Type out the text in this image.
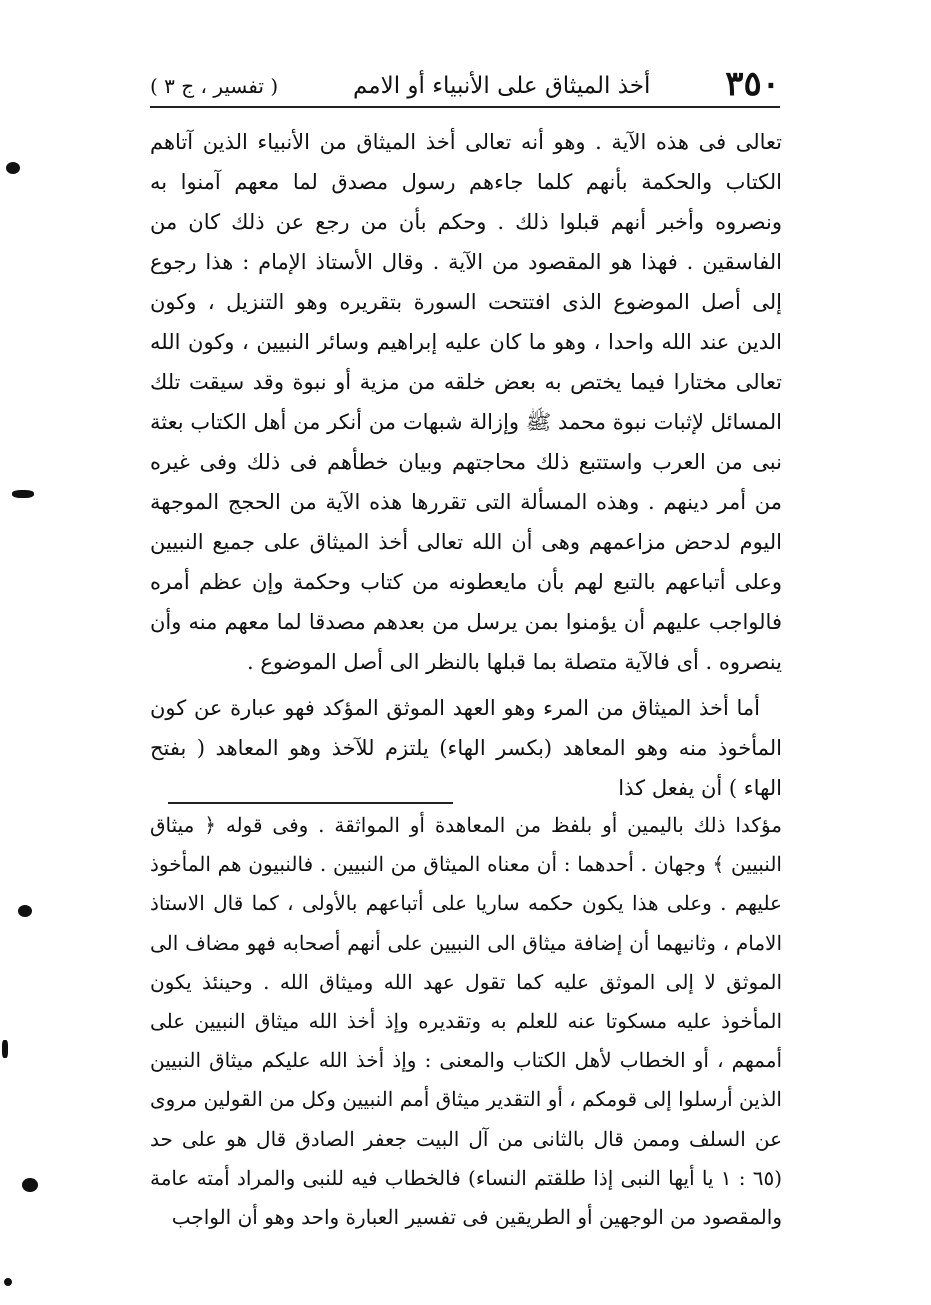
٣٥٠
أخذ الميثاق على الأنبياء أو الامم
( تفسير ، ج ٣ )

تعالى فى هذه الآية . وهو أنه تعالى أخذ الميثاق من الأنبياء الذين آتاهم الكتاب والحكمة بأنهم كلما جاءهم رسول مصدق لما معهم آمنوا به ونصروه وأخبر أنهم قبلوا ذلك . وحكم بأن من رجع عن ذلك كان من الفاسقين . فهذا هو المقصود من الآية . وقال الأستاذ الإمام : هذا رجوع إلى أصل الموضوع الذى افتتحت السورة بتقريره وهو التنزيل ، وكون الدين عند الله واحدا ، وهو ما كان عليه إبراهيم وسائر النبيين ، وكون الله تعالى مختارا فيما يختص به بعض خلقه من مزية أو نبوة وقد سيقت تلك المسائل لإثبات نبوة محمد ﷺ وإزالة شبهات من أنكر من أهل الكتاب بعثة نبى من العرب واستتبع ذلك محاجتهم وبيان خطأهم فى ذلك وفى غيره من أمر دينهم . وهذه المسألة التى تقررها هذه الآية من الحجج الموجهة اليوم لدحض مزاعمهم وهى أن الله تعالى أخذ الميثاق على جميع النبيين وعلى أتباعهم بالتبع لهم بأن مايعطونه من كتاب وحكمة وإن عظم أمره فالواجب عليهم أن يؤمنوا بمن يرسل من بعدهم مصدقا لما معهم منه وأن ينصروه . أى فالآية متصلة بما قبلها بالنظر الى أصل الموضوع .

أما أخذ الميثاق من المرء وهو العهد الموثق المؤكد فهو عبارة عن كون المأخوذ منه وهو المعاهد (بكسر الهاء) يلتزم للآخذ وهو المعاهد ( بفتح الهاء ) أن يفعل كذا

مؤكدا ذلك باليمين أو بلفظ من المعاهدة أو المواثقة . وفى قوله ﴿ ميثاق النبيين ﴾ وجهان . أحدهما : أن معناه الميثاق من النبيين . فالنبيون هم المأخوذ عليهم . وعلى هذا يكون حكمه ساريا على أتباعهم بالأولى ، كما قال الاستاذ الامام ، وثانيهما أن إضافة ميثاق الى النبيين على أنهم أصحابه فهو مضاف الى الموثق لا إلى الموثق عليه كما تقول عهد الله وميثاق الله . وحينئذ يكون المأخوذ عليه مسكوتا عنه للعلم به وتقديره وإذ أخذ الله ميثاق النبيين على أممهم ، أو الخطاب لأهل الكتاب والمعنى : وإذ أخذ الله عليكم ميثاق النبيين الذين أرسلوا إلى قومكم ، أو التقدير ميثاق أمم النبيين وكل من القولين مروى عن السلف وممن قال بالثانى من آل البيت جعفر الصادق قال هو على حد (٦٥ : ١ يا أيها النبى إذا طلقتم النساء) فالخطاب فيه للنبى والمراد أمته عامة والمقصود من الوجهين أو الطريقين فى تفسير العبارة واحد وهو أن الواجب
